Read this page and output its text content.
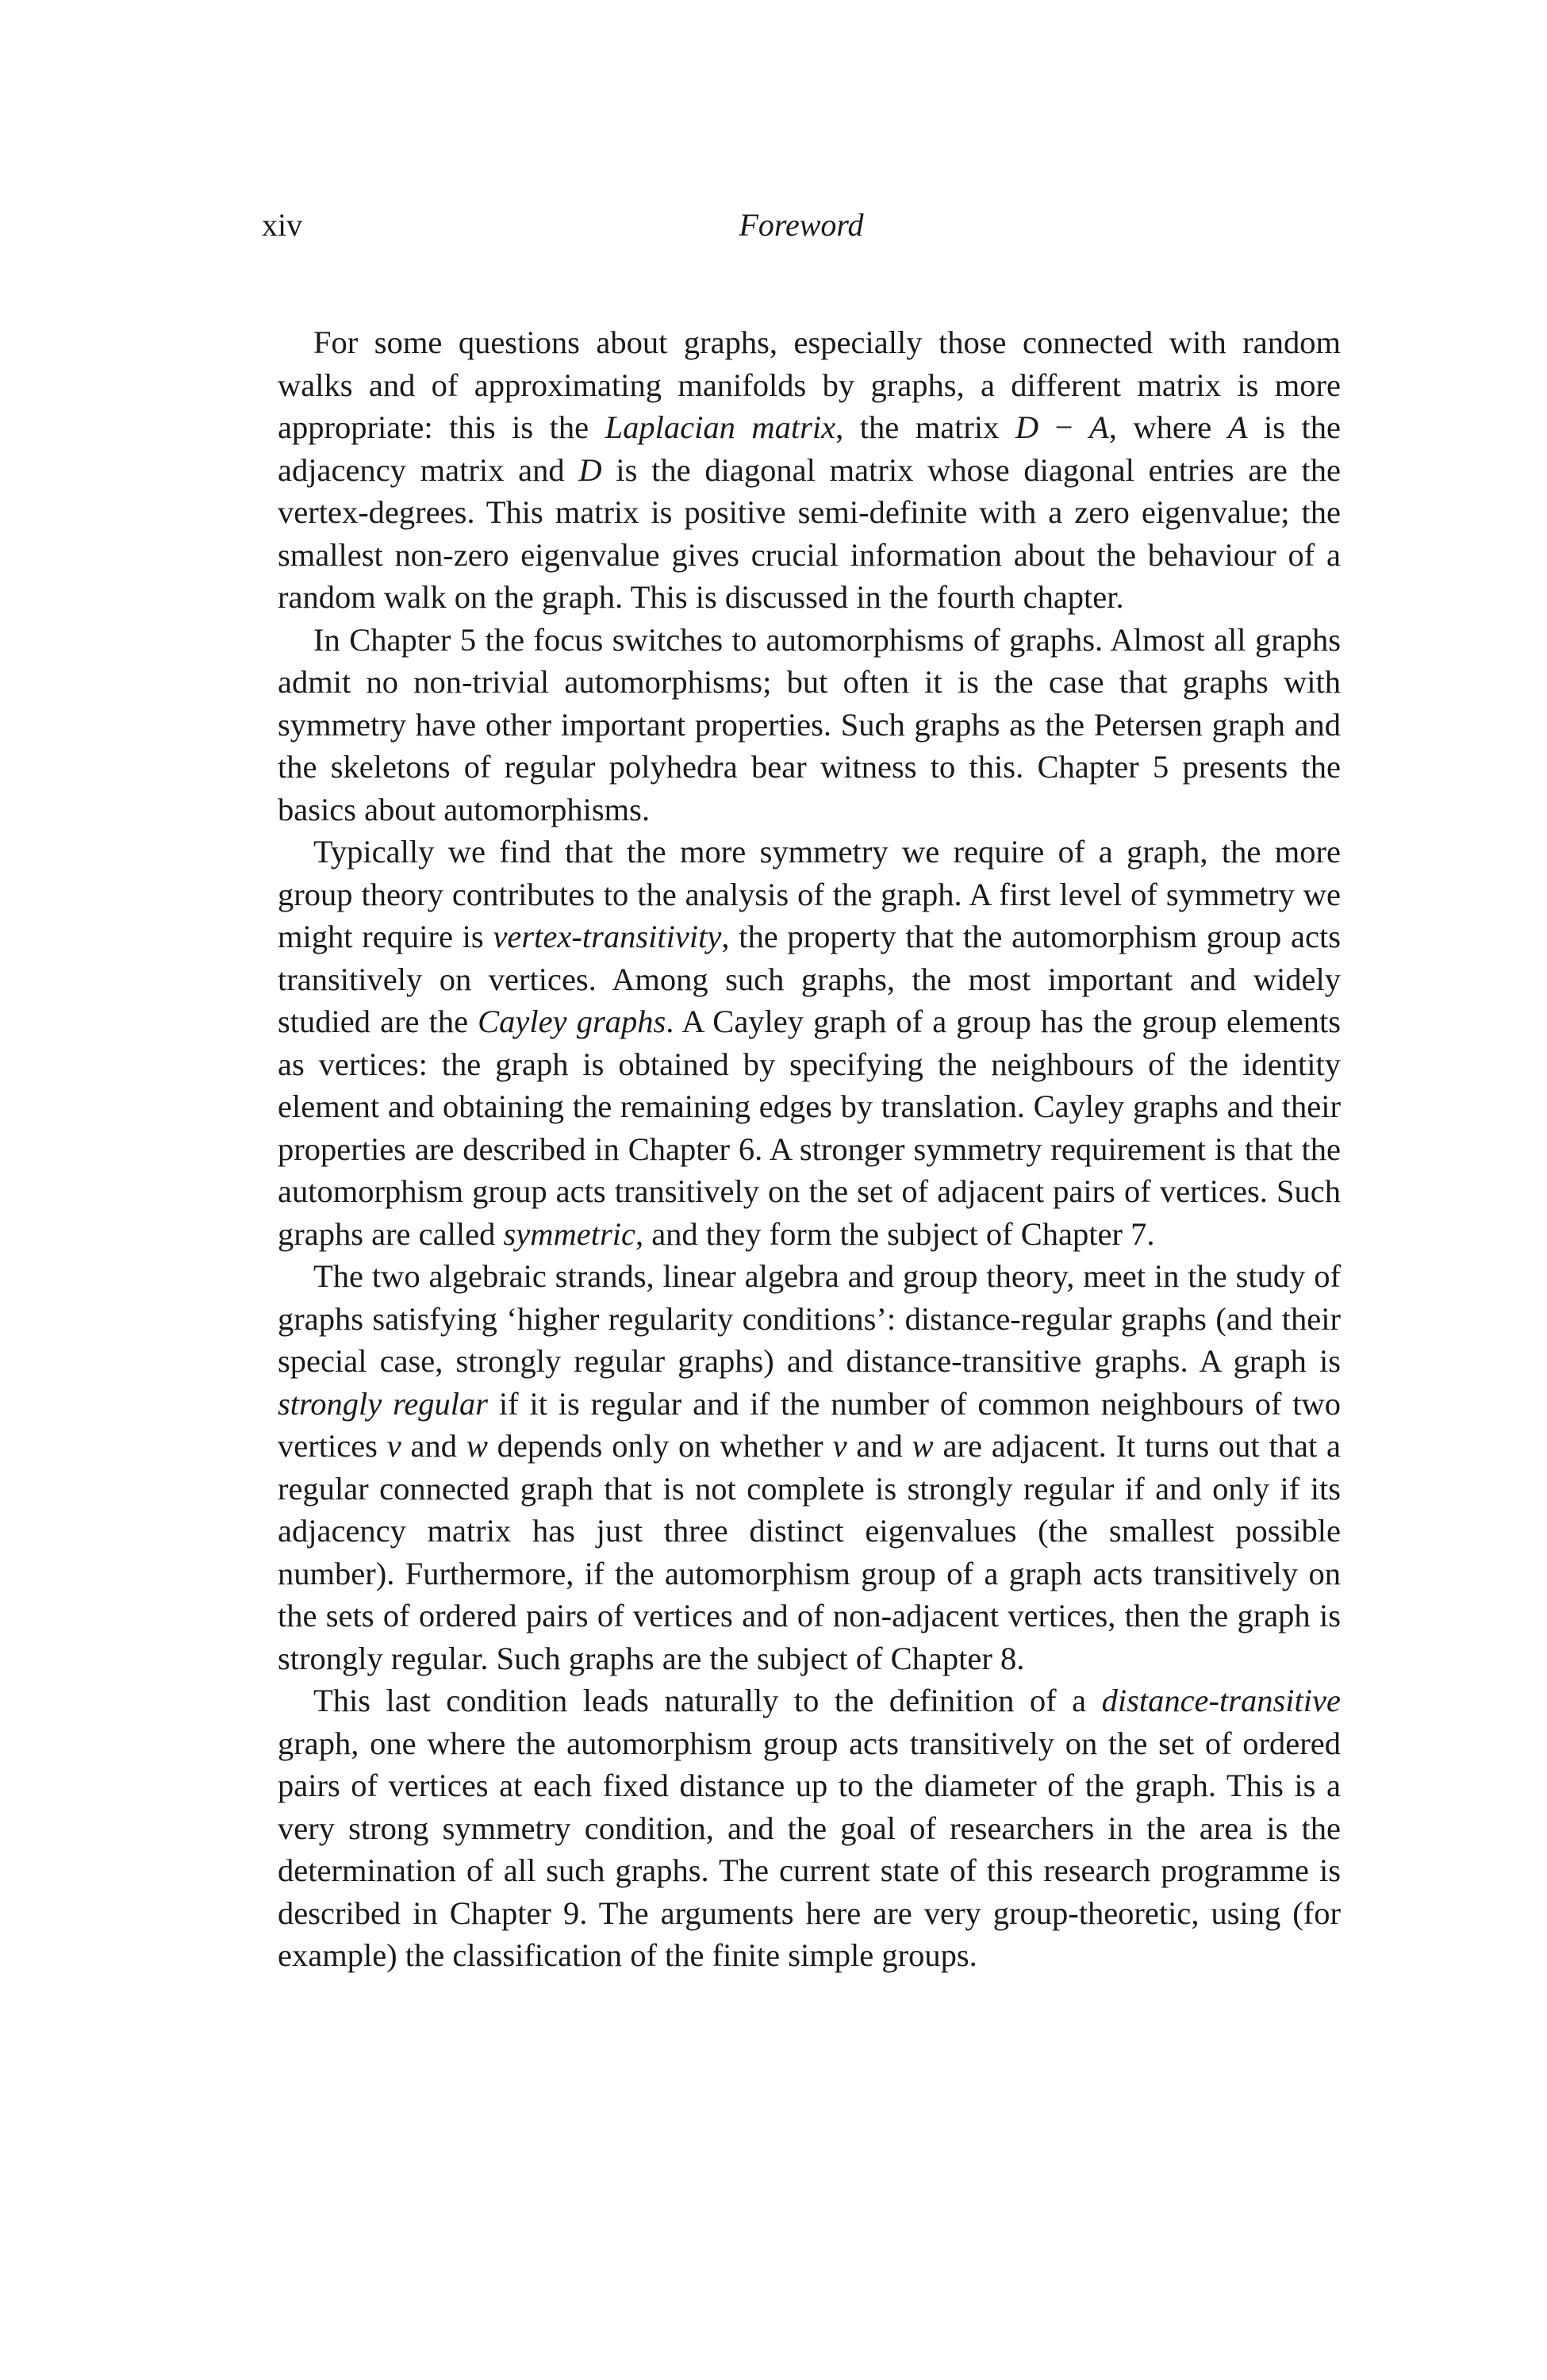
xiv	Foreword

For some questions about graphs, especially those connected with random walks and of approximating manifolds by graphs, a different matrix is more appropriate: this is the Laplacian matrix, the matrix D − A, where A is the adjacency matrix and D is the diagonal matrix whose diagonal entries are the vertex-degrees. This matrix is positive semi-definite with a zero eigenvalue; the smallest non-zero eigenvalue gives crucial information about the behaviour of a random walk on the graph. This is discussed in the fourth chapter.

In Chapter 5 the focus switches to automorphisms of graphs. Almost all graphs admit no non-trivial automorphisms; but often it is the case that graphs with symmetry have other important properties. Such graphs as the Petersen graph and the skeletons of regular polyhedra bear witness to this. Chapter 5 presents the basics about automorphisms.

Typically we find that the more symmetry we require of a graph, the more group theory contributes to the analysis of the graph. A first level of symmetry we might require is vertex-transitivity, the property that the automorphism group acts transitively on vertices. Among such graphs, the most important and widely studied are the Cayley graphs. A Cayley graph of a group has the group elements as vertices: the graph is obtained by specifying the neighbours of the identity element and obtaining the remaining edges by translation. Cayley graphs and their properties are described in Chapter 6. A stronger symmetry requirement is that the automorphism group acts transitively on the set of adjacent pairs of vertices. Such graphs are called symmetric, and they form the subject of Chapter 7.

The two algebraic strands, linear algebra and group theory, meet in the study of graphs satisfying ‘higher regularity conditions’: distance-regular graphs (and their special case, strongly regular graphs) and distance-transitive graphs. A graph is strongly regular if it is regular and if the number of common neighbours of two vertices v and w depends only on whether v and w are adjacent. It turns out that a regular connected graph that is not complete is strongly regular if and only if its adjacency matrix has just three distinct eigenvalues (the smallest possible number). Furthermore, if the automorphism group of a graph acts transitively on the sets of ordered pairs of vertices and of non-adjacent vertices, then the graph is strongly regular. Such graphs are the subject of Chapter 8.

This last condition leads naturally to the definition of a distance-transitive graph, one where the automorphism group acts transitively on the set of ordered pairs of vertices at each fixed distance up to the diameter of the graph. This is a very strong symmetry condition, and the goal of researchers in the area is the determination of all such graphs. The current state of this research programme is described in Chapter 9. The arguments here are very group-theoretic, using (for example) the classification of the finite simple groups.
